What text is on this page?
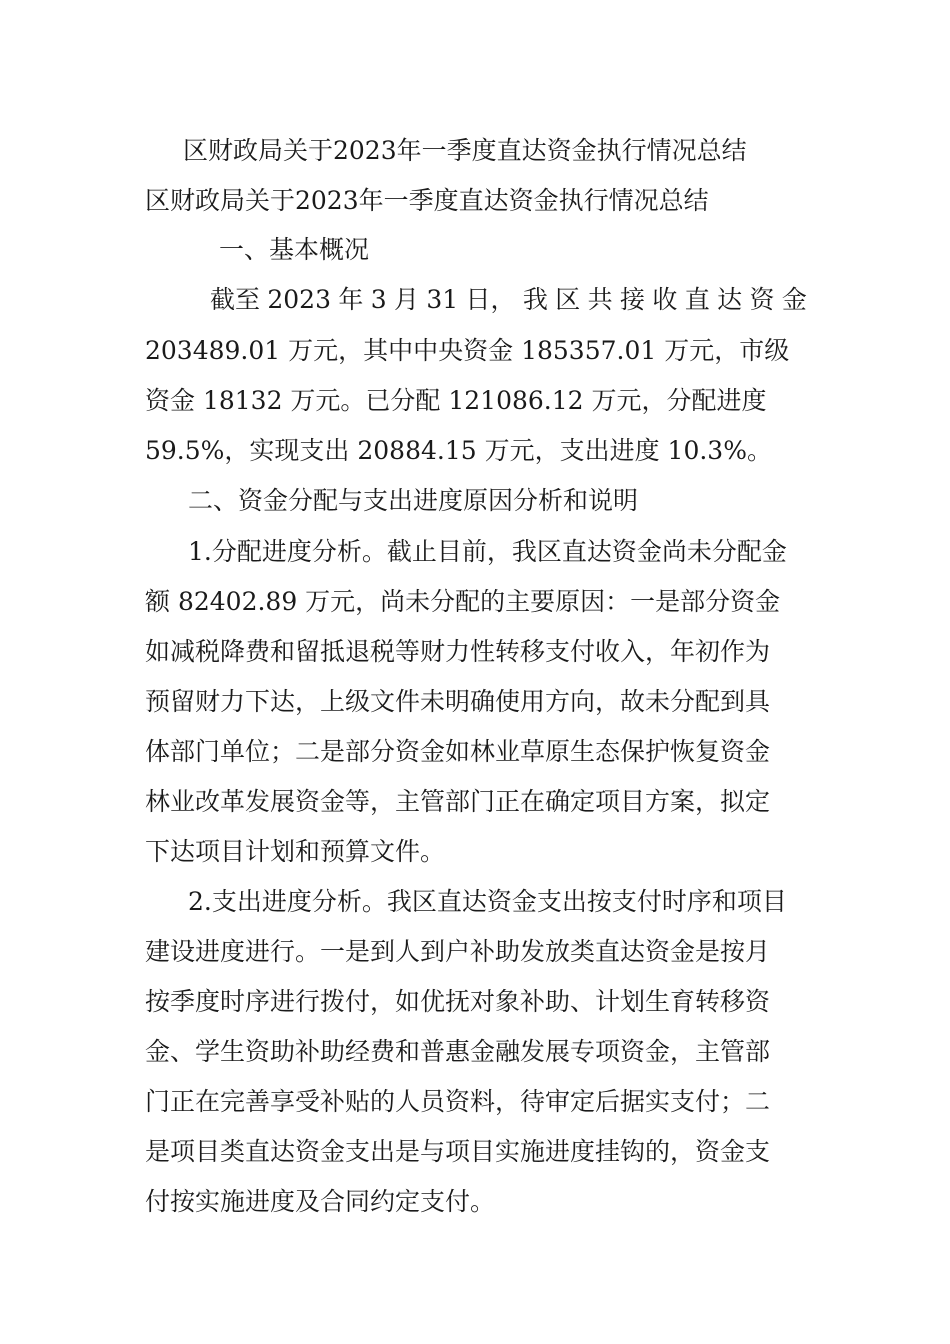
区财政局关于2023年一季度直达资金执行情况总结
区财政局关于2023年一季度直达资金执行情况总结
一、基本概况
截至 2023 年 3 月 31 日， 我 区 共 接 收 直 达 资 金
203489.01 万元，其中中央资金 185357.01 万元，市级
资金 18132 万元。已分配 121086.12 万元，分配进度
59.5%，实现支出 20884.15 万元，支出进度 10.3%。
二、资金分配与支出进度原因分析和说明
1.分配进度分析。截止目前，我区直达资金尚未分配金
额 82402.89 万元，尚未分配的主要原因：一是部分资金
如减税降费和留抵退税等财力性转移支付收入，年初作为
预留财力下达，上级文件未明确使用方向，故未分配到具
体部门单位；二是部分资金如林业草原生态保护恢复资金
林业改革发展资金等，主管部门正在确定项目方案，拟定
下达项目计划和预算文件。
2.支出进度分析。我区直达资金支出按支付时序和项目
建设进度进行。一是到人到户补助发放类直达资金是按月
按季度时序进行拨付，如优抚对象补助、计划生育转移资
金、学生资助补助经费和普惠金融发展专项资金，主管部
门正在完善享受补贴的人员资料，待审定后据实支付；二
是项目类直达资金支出是与项目实施进度挂钩的，资金支
付按实施进度及合同约定支付。
